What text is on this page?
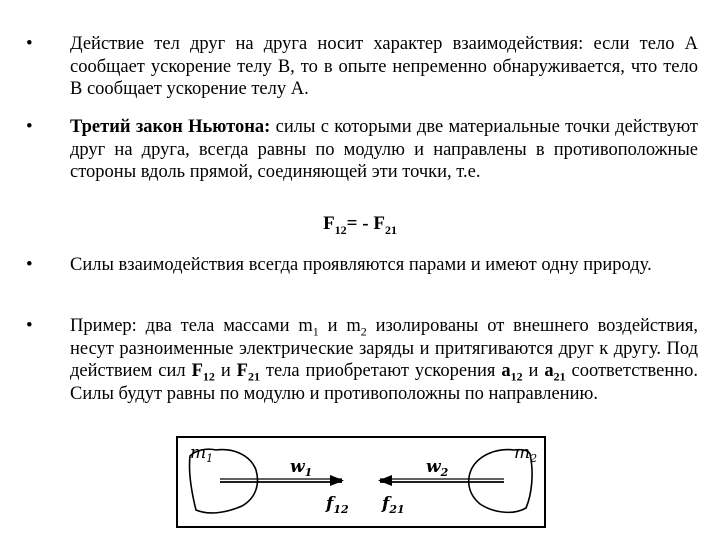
• Действие тел друг на друга носит характер взаимодействия: если тело А сообщает ускорение телу В, то в опыте непременно обнаруживается, что тело В сообщает ускорение телу А.
• Третий закон Ньютона: силы с которыми две материальные точки действуют друг на друга, всегда равны по модулю и направлены в противоположные стороны вдоль прямой, соединяющей эти точки, т.е.
$F_{12}= - F_{21}$
• Силы взаимодействия всегда проявляются парами и имеют одну природу.
• Пример: два тела массами $m_1$ и $m_2$ изолированы от внешнего воздействия, несут разноименные электрические заряды и притягиваются друг к другу. Под действием сил $F_{12}$ и $F_{21}$ тела приобретают ускорения $a_{12}$ и $a_{21}$ соответственно. Силы будут равны по модулю и противоположны по направлению.
$m_1$	$w_1$
$f_{12}$ $f_{21}$
$w_2$
$m_2$
